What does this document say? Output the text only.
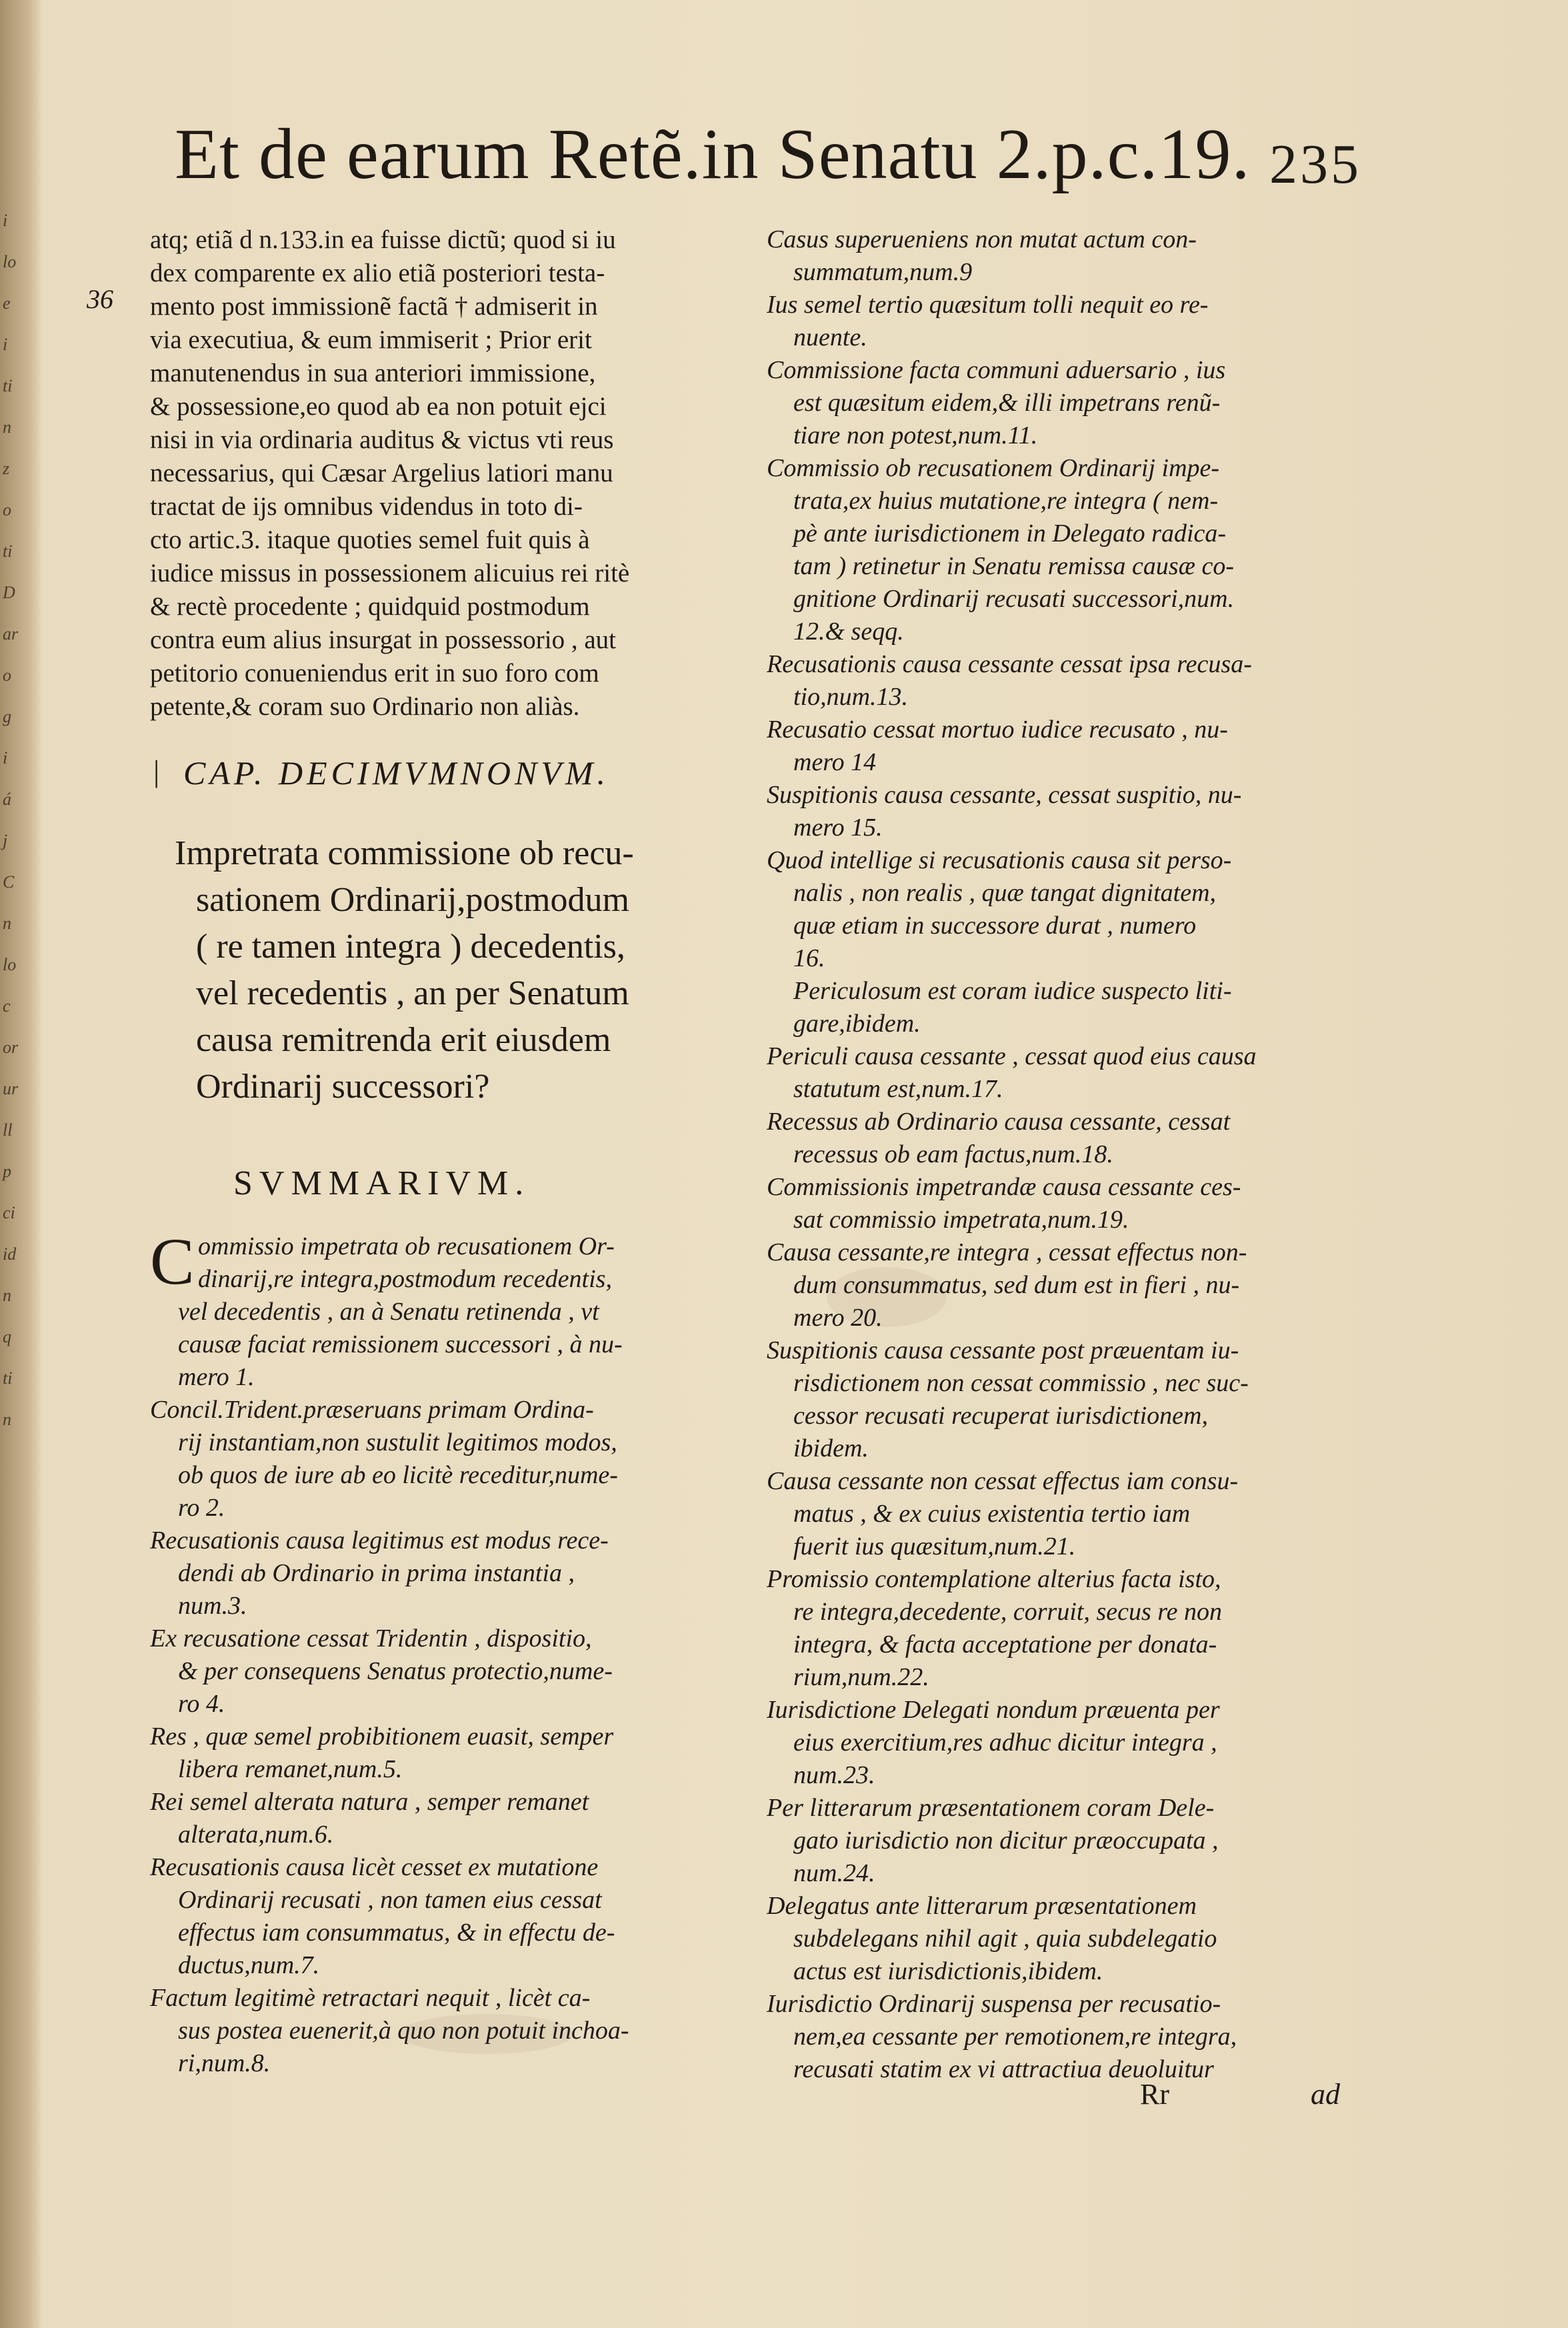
i
lo
e
i
ti
n
z
o
ti
D
ar
o
g
i
á
j
C
n
lo
c
or
ur
ll
p
ci
id
n
q
ti
n
Et de earum Retẽ.in Senatu 2.p.c.19. 235
36
atq; etiã d n.133.in ea fuisse dictũ; quod si iu
dex comparente ex alio etiã posteriori testa-
mento post immissionẽ factã † admiserit in
via executiua, & eum immiserit ; Prior erit
manutenendus in sua anteriori immissione,
& possessione,eo quod ab ea non potuit ejci
nisi in via ordinaria auditus & victus vti reus
necessarius, qui Cæsar Argelius latiori manu
tractat de ijs omnibus videndus in toto di-
cto artic.3. itaque quoties semel fuit quis à
iudice missus in possessionem alicuius rei ritè
& rectè procedente ; quidquid postmodum
contra eum alius insurgat in possessorio , aut
petitorio conueniendus erit in suo foro com
petente,& coram suo Ordinario non aliàs.
| CAP. DECIMVMNONVM.
Impretrata commissione ob recu-
sationem Ordinarij,postmodum
( re tamen integra ) decedentis,
vel recedentis , an per Senatum
causa remitrenda erit eiusdem
Ordinarij successori?
SVMMARIVM.
C ommissio impetrata ob recusationem Or-
dinarij,re integra,postmodum recedentis,
vel decedentis , an à Senatu retinenda , vt
causæ faciat remissionem successori , à nu-
mero 1.
Concil.Trident.præseruans primam Ordina-
rij instantiam,non sustulit legitimos modos,
ob quos de iure ab eo licitè receditur,nume-
ro 2.
Recusationis causa legitimus est modus rece-
dendi ab Ordinario in prima instantia ,
num.3.
Ex recusatione cessat Tridentin , dispositio,
& per consequens Senatus protectio,nume-
ro 4.
Res , quæ semel probibitionem euasit, semper
libera remanet,num.5.
Rei semel alterata natura , semper remanet
alterata,num.6.
Recusationis causa licèt cesset ex mutatione
Ordinarij recusati , non tamen eius cessat
effectus iam consummatus, & in effectu de-
ductus,num.7.
Factum legitimè retractari nequit , licèt ca-
sus postea euenerit,à quo non potuit inchoa-
ri,num.8.
Casus superueniens non mutat actum con-
summatum,num.9
Ius semel tertio quæsitum tolli nequit eo re-
nuente.
Commissione facta communi aduersario , ius
est quæsitum eidem,& illi impetrans renũ-
tiare non potest,num.11.
Commissio ob recusationem Ordinarij impe-
trata,ex huius mutatione,re integra ( nem-
pè ante iurisdictionem in Delegato radica-
tam ) retinetur in Senatu remissa causæ co-
gnitione Ordinarij recusati successori,num.
12.& seqq.
Recusationis causa cessante cessat ipsa recusa-
tio,num.13.
Recusatio cessat mortuo iudice recusato , nu-
mero 14
Suspitionis causa cessante, cessat suspitio, nu-
mero 15.
Quod intellige si recusationis causa sit perso-
nalis , non realis , quæ tangat dignitatem,
quæ etiam in successore durat , numero
16.
Periculosum est coram iudice suspecto liti-
gare,ibidem.
Periculi causa cessante , cessat quod eius causa
statutum est,num.17.
Recessus ab Ordinario causa cessante, cessat
recessus ob eam factus,num.18.
Commissionis impetrandæ causa cessante ces-
sat commissio impetrata,num.19.
Causa cessante,re integra , cessat effectus non-
dum consummatus, sed dum est in fieri , nu-
mero 20.
Suspitionis causa cessante post præuentam iu-
risdictionem non cessat commissio , nec suc-
cessor recusati recuperat iurisdictionem,
ibidem.
Causa cessante non cessat effectus iam consu-
matus , & ex cuius existentia tertio iam
fuerit ius quæsitum,num.21.
Promissio contemplatione alterius facta isto,
re integra,decedente, corruit, secus re non
integra, & facta acceptatione per donata-
rium,num.22.
Iurisdictione Delegati nondum præuenta per
eius exercitium,res adhuc dicitur integra ,
num.23.
Per litterarum præsentationem coram Dele-
gato iurisdictio non dicitur præoccupata ,
num.24.
Delegatus ante litterarum præsentationem
subdelegans nihil agit , quia subdelegatio
actus est iurisdictionis,ibidem.
Iurisdictio Ordinarij suspensa per recusatio-
nem,ea cessante per remotionem,re integra,
recusati statim ex vi attractiua deuoluitur
Rr	ad
